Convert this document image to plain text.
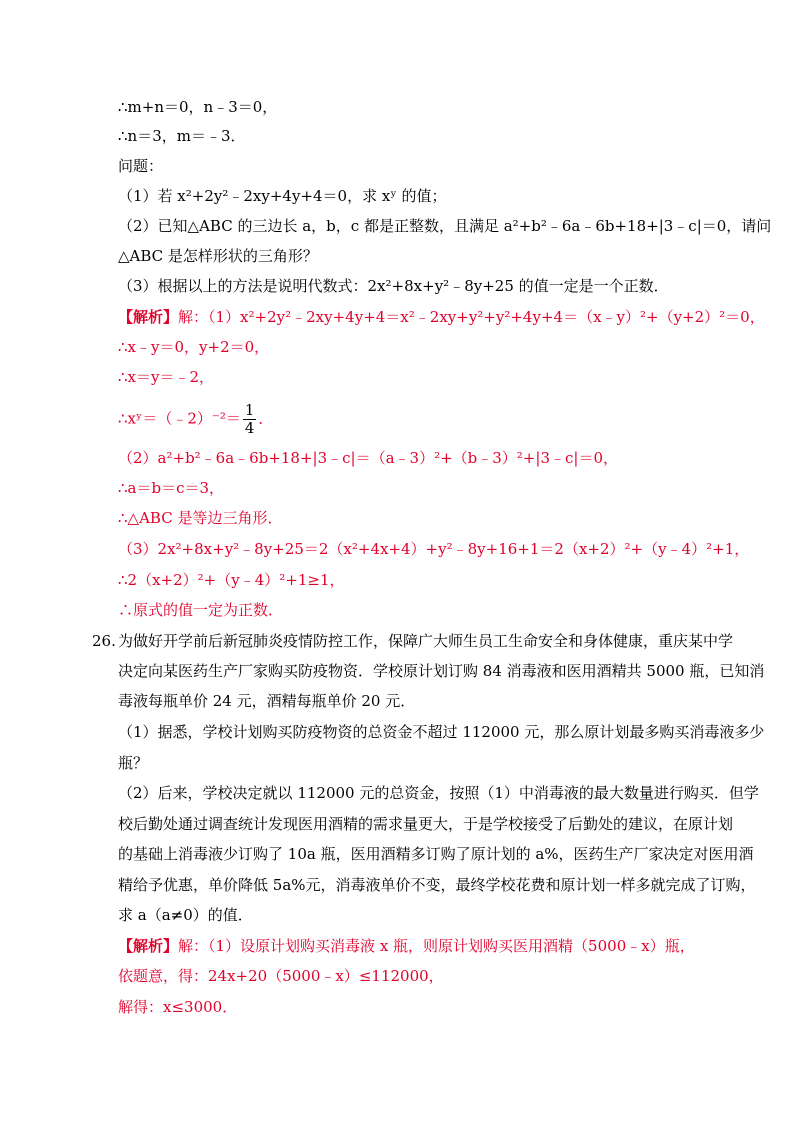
∴m+n＝0，n﹣3＝0，
∴n＝3，m＝﹣3．
问题：
（1）若 x²+2y²﹣2xy+4y+4＝0，求 xʸ 的值；
（2）已知△ABC 的三边长 a，b，c 都是正整数，且满足 a²+b²﹣6a﹣6b+18+|3﹣c|＝0，请问
△ABC 是怎样形状的三角形？
（3）根据以上的方法是说明代数式：2x²+8x+y²﹣8y+25 的值一定是一个正数．
【解析】解：（1）x²+2y²﹣2xy+4y+4＝x²﹣2xy+y²+y²+4y+4＝（x﹣y）²+（y+2）²＝0，
∴x﹣y＝0，y+2＝0，
∴x＝y＝﹣2，
∴xʸ＝（﹣2）⁻²＝ $\frac{1}{4}$ ．
（2）a²+b²﹣6a﹣6b+18+|3﹣c|＝（a﹣3）²+（b﹣3）²+|3﹣c|＝0，
∴a＝b＝c＝3，
∴△ABC 是等边三角形．
（3）2x²+8x+y²﹣8y+25＝2（x²+4x+4）+y²﹣8y+16+1＝2（x+2）²+（y﹣4）²+1，
∴2（x+2）²+（y﹣4）²+1≥1，
∴原式的值一定为正数．
26. 为做好开学前后新冠肺炎疫情防控工作，保障广大师生员工生命安全和身体健康，重庆某中学
决定向某医药生产厂家购买防疫物资．学校原计划订购 84 消毒液和医用酒精共 5000 瓶，已知消
毒液每瓶单价 24 元，酒精每瓶单价 20 元．
（1）据悉，学校计划购买防疫物资的总资金不超过 112000 元，那么原计划最多购买消毒液多少
瓶？
（2）后来，学校决定就以 112000 元的总资金，按照（1）中消毒液的最大数量进行购买．但学
校后勤处通过调查统计发现医用酒精的需求量更大，于是学校接受了后勤处的建议，在原计划
的基础上消毒液少订购了 10a 瓶，医用酒精多订购了原计划的 a%，医药生产厂家决定对医用酒
精给予优惠，单价降低 5a%元，消毒液单价不变，最终学校花费和原计划一样多就完成了订购，
求 a（a≠0）的值．
【解析】解：（1）设原计划购买消毒液 x 瓶，则原计划购买医用酒精（5000﹣x）瓶，
依题意，得：24x+20（5000﹣x）≤112000，
解得：x≤3000．
